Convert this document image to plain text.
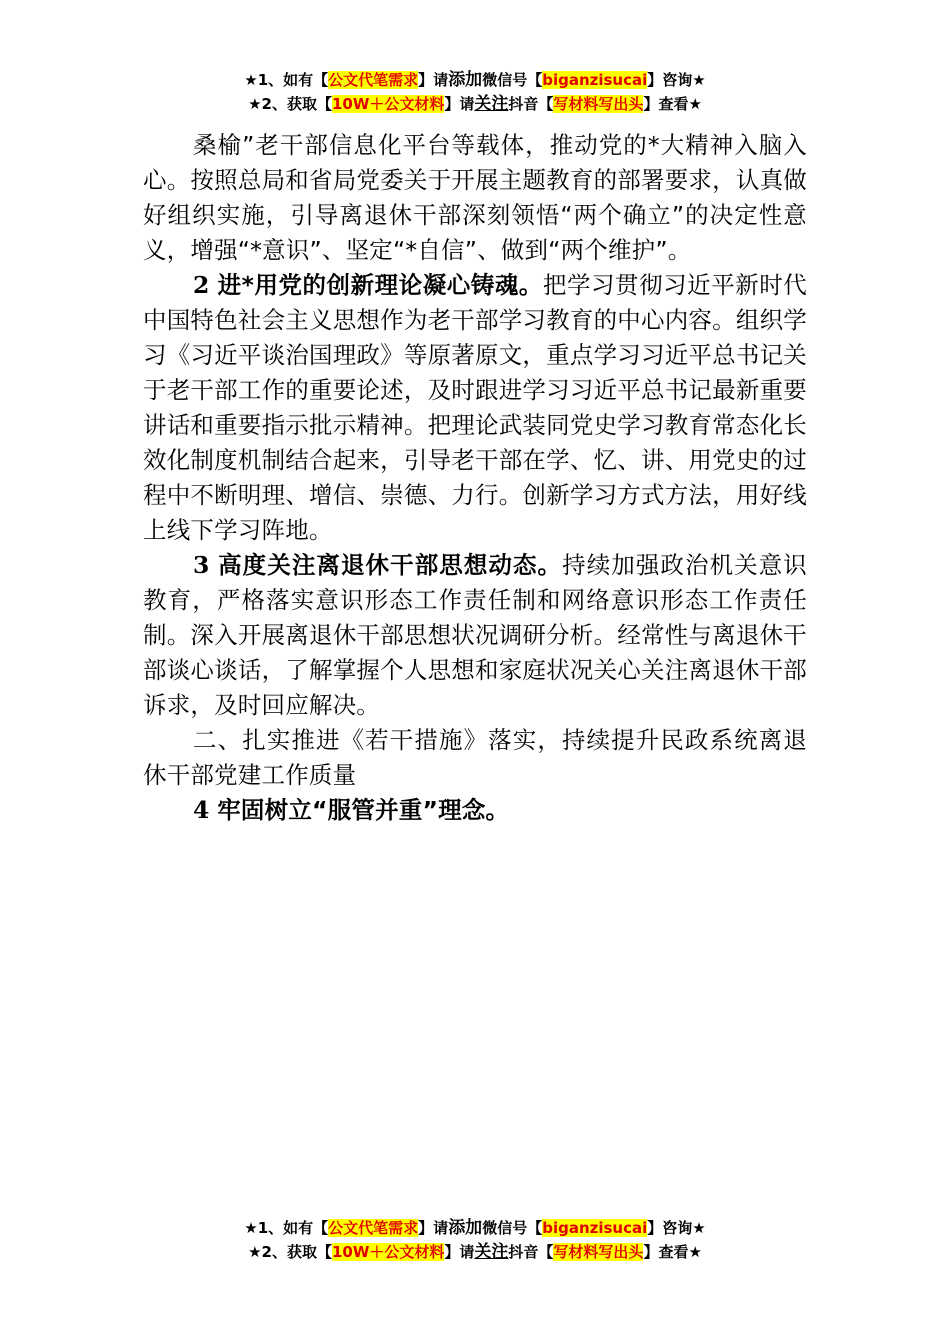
★1、如有【公文代笔需求】请添加微信号【biganzisucai】咨询★
★2、获取【10W＋公文材料】请关注抖音【写材料写出头】查看★

桑榆”老干部信息化平台等载体，推动党的*大精神入脑入心。按照总局和省局党委关于开展主题教育的部署要求，认真做好组织实施，引导离退休干部深刻领悟“两个确立”的决定性意义，增强“*意识”、坚定“*自信”、做到“两个维护”。

2 进*用党的创新理论凝心铸魂。把学习贯彻习近平新时代中国特色社会主义思想作为老干部学习教育的中心内容。组织学习《习近平谈治国理政》等原著原文，重点学习习近平总书记关于老干部工作的重要论述，及时跟进学习习近平总书记最新重要讲话和重要指示批示精神。把理论武装同党史学习教育常态化长效化制度机制结合起来，引导老干部在学、忆、讲、用党史的过程中不断明理、增信、崇德、力行。创新学习方式方法，用好线上线下学习阵地。

3 高度关注离退休干部思想动态。持续加强政治机关意识教育，严格落实意识形态工作责任制和网络意识形态工作责任制。深入开展离退休干部思想状况调研分析。经常性与离退休干部谈心谈话，了解掌握个人思想和家庭状况关心关注离退休干部诉求，及时回应解决。

二、扎实推进《若干措施》落实，持续提升民政系统离退休干部党建工作质量

4 牢固树立“服管并重”理念。

★1、如有【公文代笔需求】请添加微信号【biganzisucai】咨询★
★2、获取【10W＋公文材料】请关注抖音【写材料写出头】查看★
